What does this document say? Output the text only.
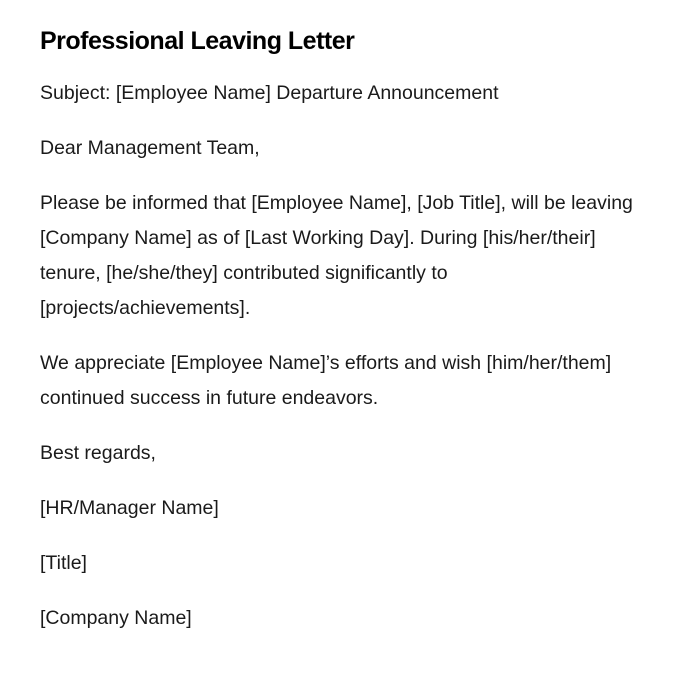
Professional Leaving Letter

Subject: [Employee Name] Departure Announcement

Dear Management Team,

Please be informed that [Employee Name], [Job Title], will be leaving [Company Name] as of [Last Working Day]. During [his/her/their] tenure, [he/she/they] contributed significantly to [projects/achievements].

We appreciate [Employee Name]’s efforts and wish [him/her/them] continued success in future endeavors.

Best regards,

[HR/Manager Name]

[Title]

[Company Name]
